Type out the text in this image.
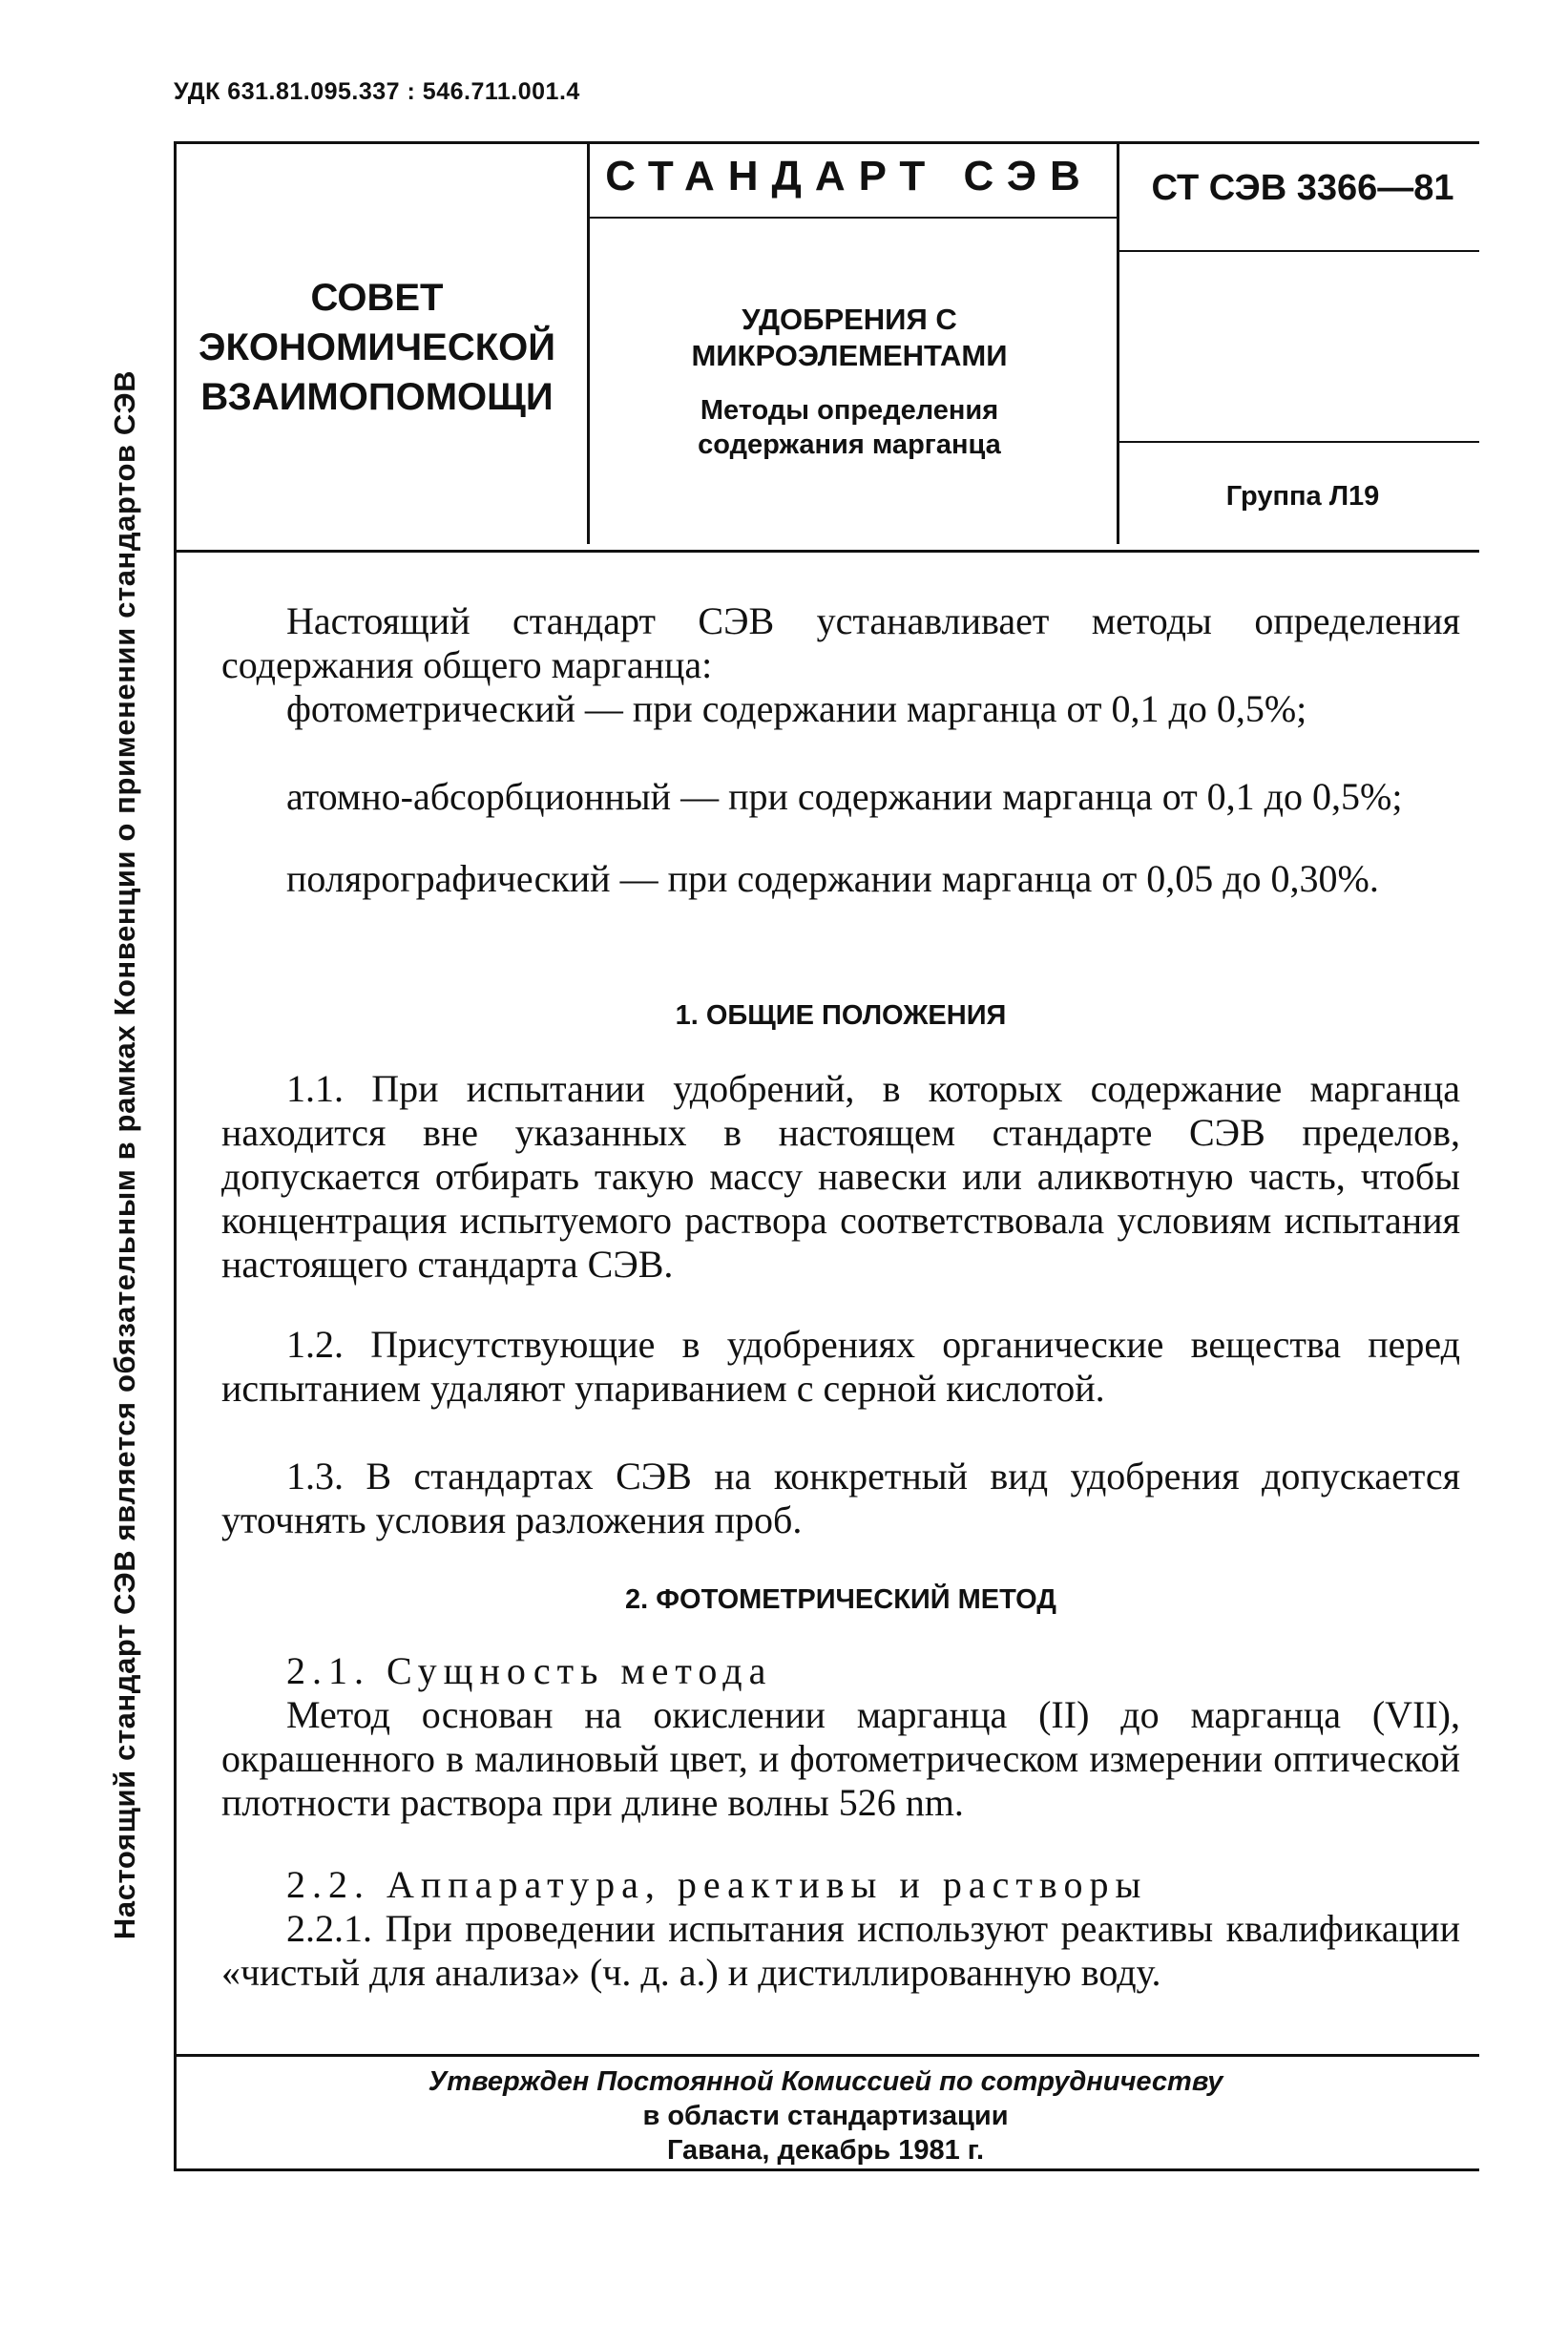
УДК 631.81.095.337 : 546.711.001.4
Настоящий стандарт СЭВ является обязательным в рамках Конвенции о применении стандартов СЭВ
СОВЕТ
ЭКОНОМИЧЕСКОЙ
ВЗАИМОПОМОЩИ
СТАНДАРТ СЭВ	СТ СЭВ 3366—81
УДОБРЕНИЯ С
МИКРОЭЛЕМЕНТАМИ
Методы определения
содержания марганца
Группа Л19
Настоящий стандарт СЭВ устанавливает методы определения содержания общего марганца:
фотометрический — при содержании марганца от 0,1 до 0,5%;
атомно-абсорбционный — при содержании марганца от 0,1 до 0,5%;
полярографический — при содержании марганца от 0,05 до 0,30%.
1. ОБЩИЕ ПОЛОЖЕНИЯ
1.1. При испытании удобрений, в которых содержание марганца находится вне указанных в настоящем стандарте СЭВ пределов, допускается отбирать такую массу навески или аликвотную часть, чтобы концентрация испытуемого раствора соответствовала условиям испытания настоящего стандарта СЭВ.
1.2. Присутствующие в удобрениях органические вещества перед испытанием удаляют упариванием с серной кислотой.
1.3. В стандартах СЭВ на конкретный вид удобрения допускается уточнять условия разложения проб.
2. ФОТОМЕТРИЧЕСКИЙ МЕТОД
2.1. Сущность метода
Метод основан на окислении марганца (II) до марганца (VII), окрашенного в малиновый цвет, и фотометрическом измерении оптической плотности раствора при длине волны 526 nm.
2.2. Аппаратура, реактивы и растворы
2.2.1. При проведении испытания используют реактивы квалификации «чистый для анализа» (ч. д. а.) и дистиллированную воду.
Утвержден Постоянной Комиссией по сотрудничеству
в области стандартизации
Гавана, декабрь 1981 г.
